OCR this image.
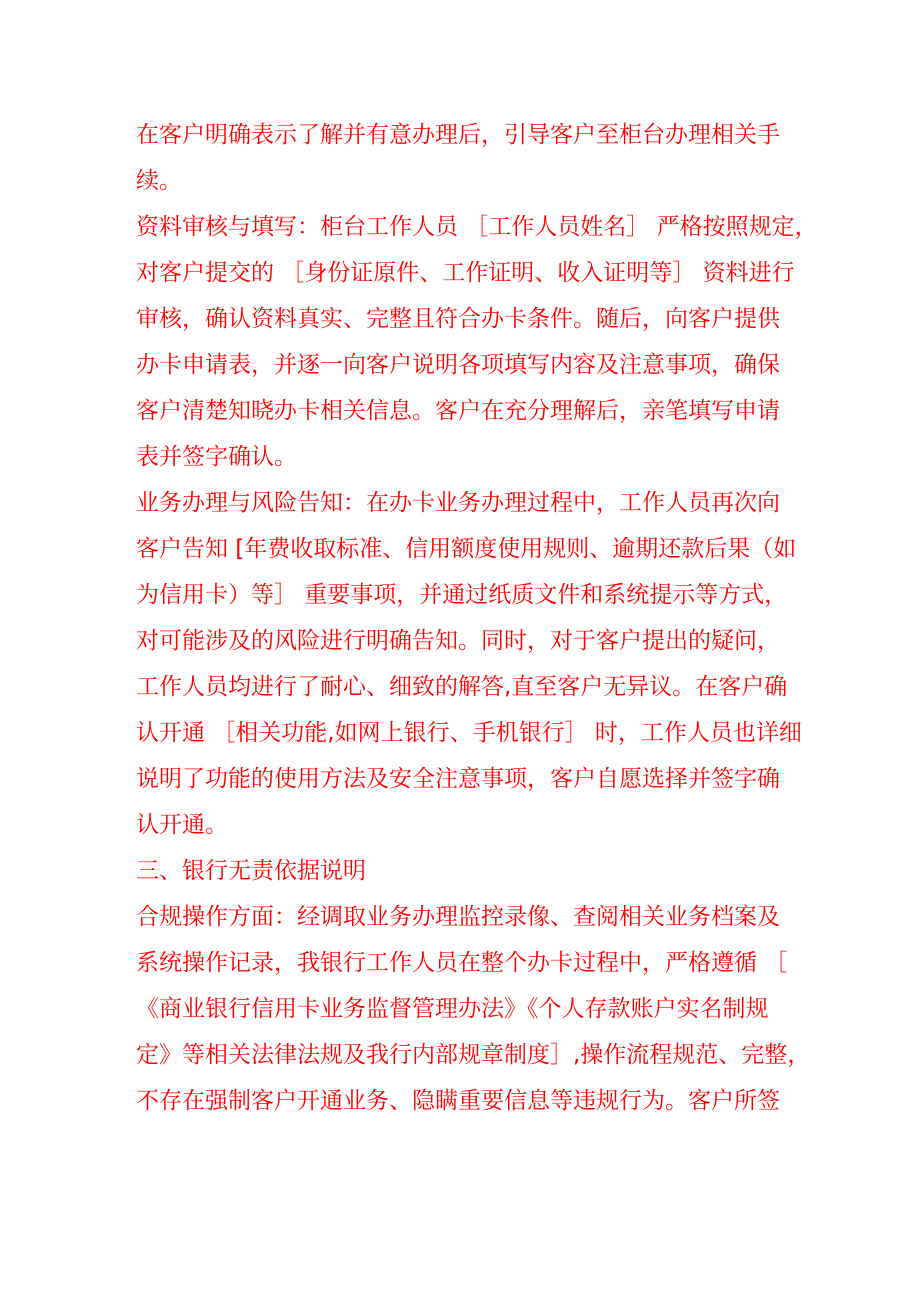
在客户明确表示了解并有意办理后，引导客户至柜台办理相关手
续。
资料审核与填写：柜台工作人员 ［工作人员姓名］ 严格按照规定，
对客户提交的 ［身份证原件、工作证明、收入证明等］ 资料进行
审核，确认资料真实、完整且符合办卡条件。随后，向客户提供
办卡申请表，并逐一向客户说明各项填写内容及注意事项，确保
客户清楚知晓办卡相关信息。客户在充分理解后，亲笔填写申请
表并签字确认。
业务办理与风险告知：在办卡业务办理过程中，工作人员再次向
客户告知 [年费收取标准、信用额度使用规则、逾期还款后果（如
为信用卡）等］ 重要事项，并通过纸质文件和系统提示等方式，
对可能涉及的风险进行明确告知。同时，对于客户提出的疑问，
工作人员均进行了耐心、细致的解答,直至客户无异议。在客户确
认开通 ［相关功能,如网上银行、手机银行］ 时，工作人员也详细
说明了功能的使用方法及安全注意事项，客户自愿选择并签字确
认开通。
三、银行无责依据说明
合规操作方面：经调取业务办理监控录像、查阅相关业务档案及
系统操作记录，我银行工作人员在整个办卡过程中，严格遵循 ［
《商业银行信用卡业务监督管理办法》《个人存款账户实名制规
定》等相关法律法规及我行内部规章制度］,操作流程规范、完整，
不存在强制客户开通业务、隐瞒重要信息等违规行为。客户所签
